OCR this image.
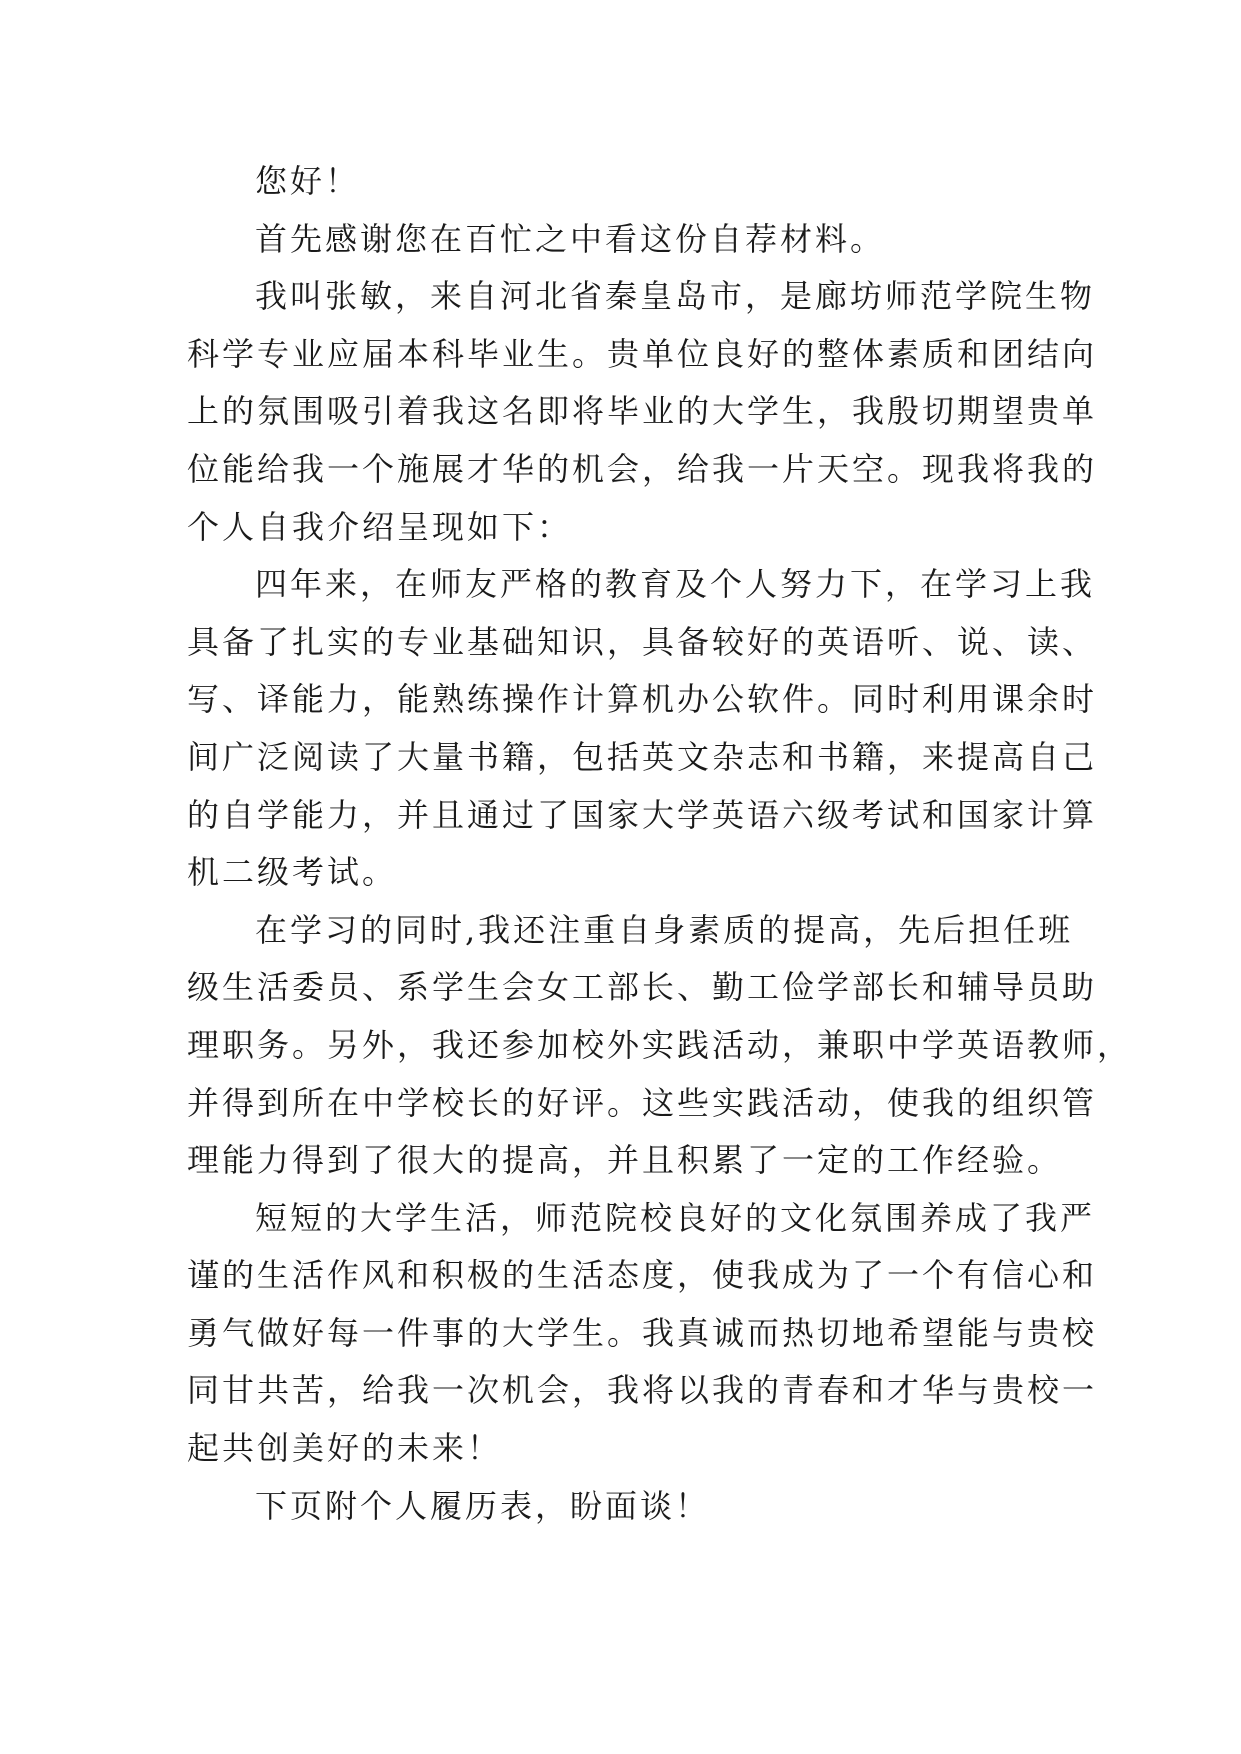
您好！
首先感谢您在百忙之中看这份自荐材料。
我叫张敏，来自河北省秦皇岛市，是廊坊师范学院生物
科学专业应届本科毕业生。贵单位良好的整体素质和团结向
上的氛围吸引着我这名即将毕业的大学生，我殷切期望贵单
位能给我一个施展才华的机会，给我一片天空。现我将我的
个人自我介绍呈现如下：
四年来，在师友严格的教育及个人努力下，在学习上我
具备了扎实的专业基础知识，具备较好的英语听、说、读、
写、译能力，能熟练操作计算机办公软件。同时利用课余时
间广泛阅读了大量书籍，包括英文杂志和书籍，来提高自己
的自学能力，并且通过了国家大学英语六级考试和国家计算
机二级考试。
在学习的同时,我还注重自身素质的提高，先后担任班
级生活委员、系学生会女工部长、勤工俭学部长和辅导员助
理职务。另外，我还参加校外实践活动，兼职中学英语教师，
并得到所在中学校长的好评。这些实践活动，使我的组织管
理能力得到了很大的提高，并且积累了一定的工作经验。
短短的大学生活，师范院校良好的文化氛围养成了我严
谨的生活作风和积极的生活态度，使我成为了一个有信心和
勇气做好每一件事的大学生。我真诚而热切地希望能与贵校
同甘共苦，给我一次机会，我将以我的青春和才华与贵校一
起共创美好的未来！
下页附个人履历表，盼面谈！
